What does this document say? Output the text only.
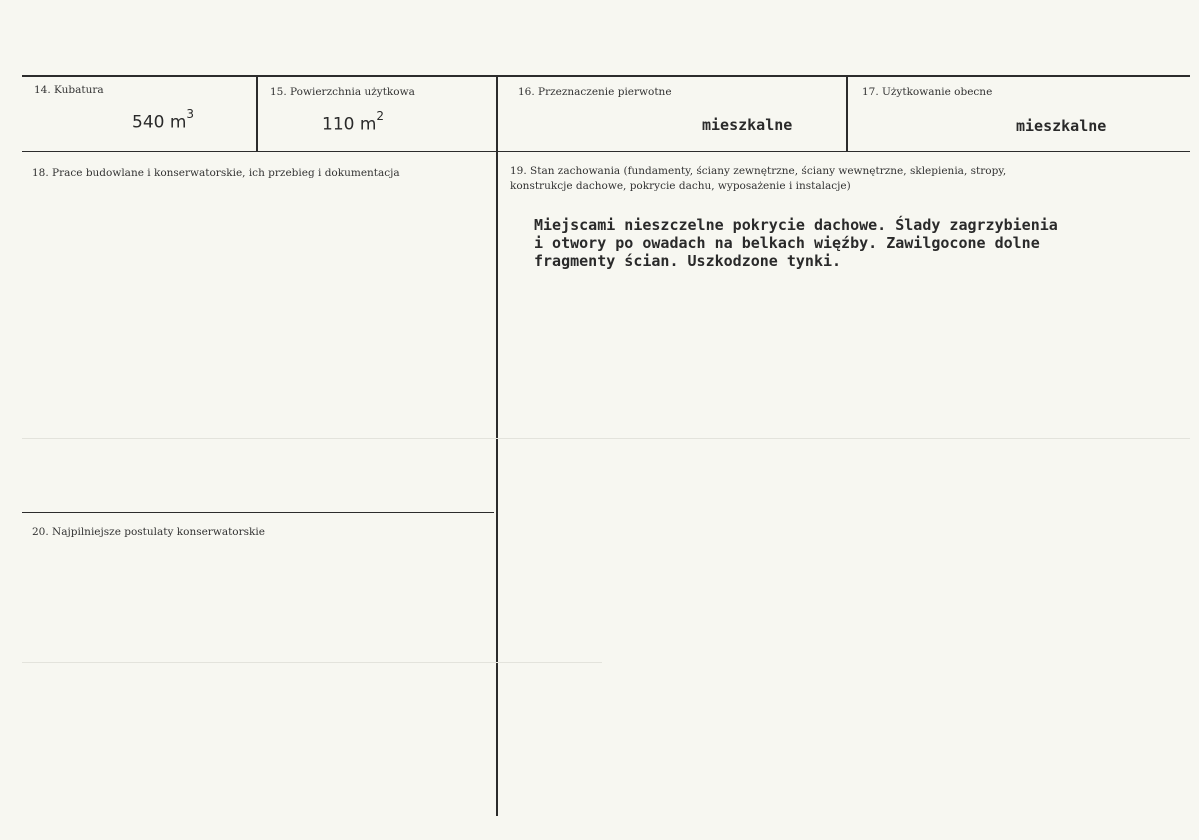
14. Kubatura
540 $m^3$
15. Powierzchnia użytkowa
110 $m^2$
16. Przeznaczenie pierwotne
mieszkalne
17. Użytkowanie obecne
mieszkalne
18. Prace budowlane i konserwatorskie, ich przebieg i dokumentacja	19. Stan zachowania (fundamenty, ściany zewnętrzne, ściany wewnętrzne, sklepienia, stropy,
konstrukcje dachowe, pokrycie dachu, wyposażenie i instalacje)
Miejscami nieszczelne pokrycie dachowe. Ślady zagrzybienia
i otwory po owadach na belkach więźby. Zawilgocone dolne
fragmenty ścian. Uszkodzone tynki.
20. Najpilniejsze postulaty konserwatorskie
